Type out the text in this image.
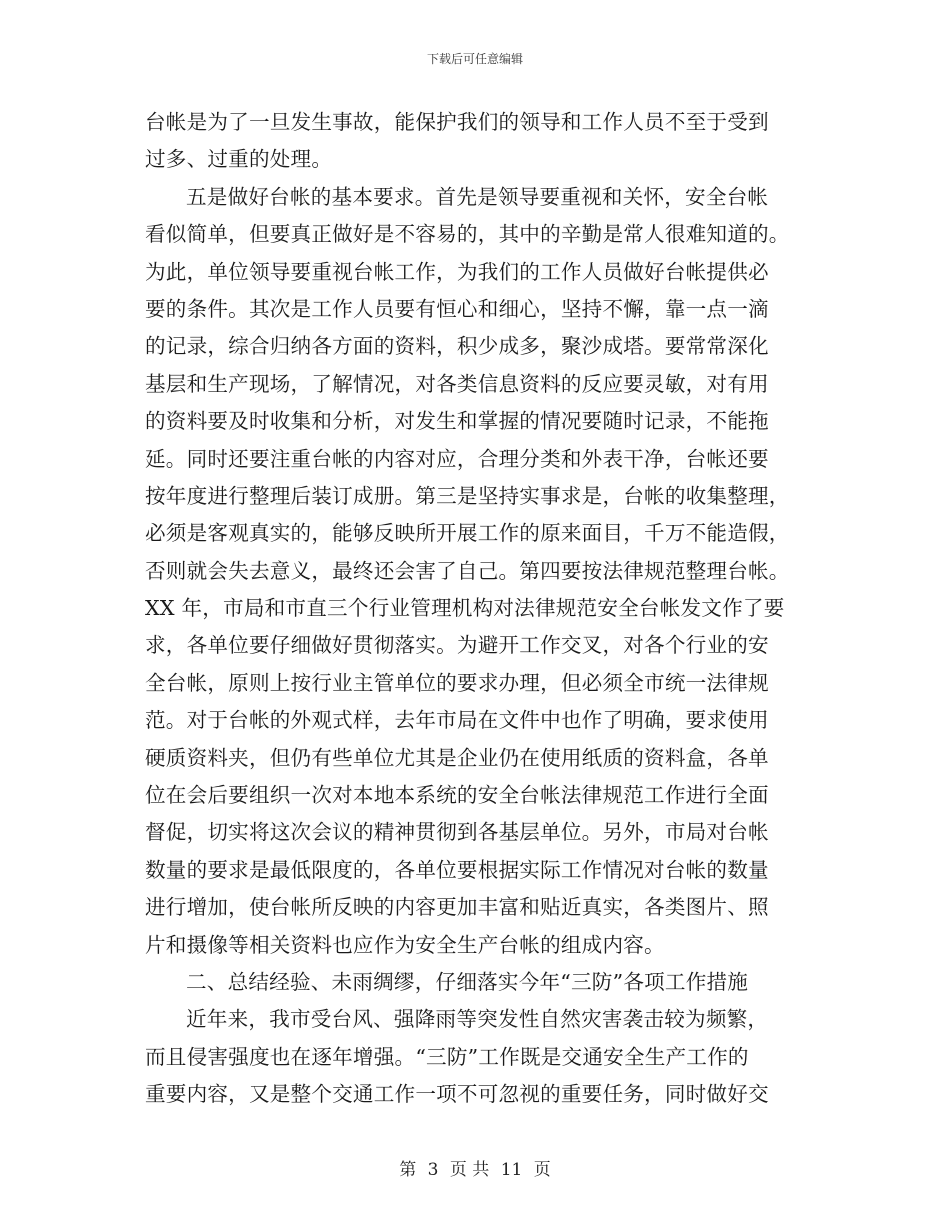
下载后可任意编辑
台帐是为了一旦发生事故，能保护我们的领导和工作人员不至于受到
过多、过重的处理。
五是做好台帐的基本要求。首先是领导要重视和关怀，安全台帐
看似简单，但要真正做好是不容易的，其中的辛勤是常人很难知道的。
为此，单位领导要重视台帐工作，为我们的工作人员做好台帐提供必
要的条件。其次是工作人员要有恒心和细心，坚持不懈，靠一点一滴
的记录，综合归纳各方面的资料，积少成多，聚沙成塔。要常常深化
基层和生产现场，了解情况，对各类信息资料的反应要灵敏，对有用
的资料要及时收集和分析，对发生和掌握的情况要随时记录，不能拖
延。同时还要注重台帐的内容对应，合理分类和外表干净，台帐还要
按年度进行整理后装订成册。第三是坚持实事求是，台帐的收集整理，
必须是客观真实的，能够反映所开展工作的原来面目，千万不能造假，
否则就会失去意义，最终还会害了自己。第四要按法律规范整理台帐。
XX 年，市局和市直三个行业管理机构对法律规范安全台帐发文作了要
求，各单位要仔细做好贯彻落实。为避开工作交叉，对各个行业的安
全台帐，原则上按行业主管单位的要求办理，但必须全市统一法律规
范。对于台帐的外观式样，去年市局在文件中也作了明确，要求使用
硬质资料夹，但仍有些单位尤其是企业仍在使用纸质的资料盒，各单
位在会后要组织一次对本地本系统的安全台帐法律规范工作进行全面
督促，切实将这次会议的精神贯彻到各基层单位。另外，市局对台帐
数量的要求是最低限度的，各单位要根据实际工作情况对台帐的数量
进行增加，使台帐所反映的内容更加丰富和贴近真实，各类图片、照
片和摄像等相关资料也应作为安全生产台帐的组成内容。
二、总结经验、未雨绸缪，仔细落实今年“三防”各项工作措施
近年来，我市受台风、强降雨等突发性自然灾害袭击较为频繁，
而且侵害强度也在逐年增强。“三防”工作既是交通安全生产工作的
重要内容，又是整个交通工作一项不可忽视的重要任务，同时做好交
第 3 页 共 11 页
